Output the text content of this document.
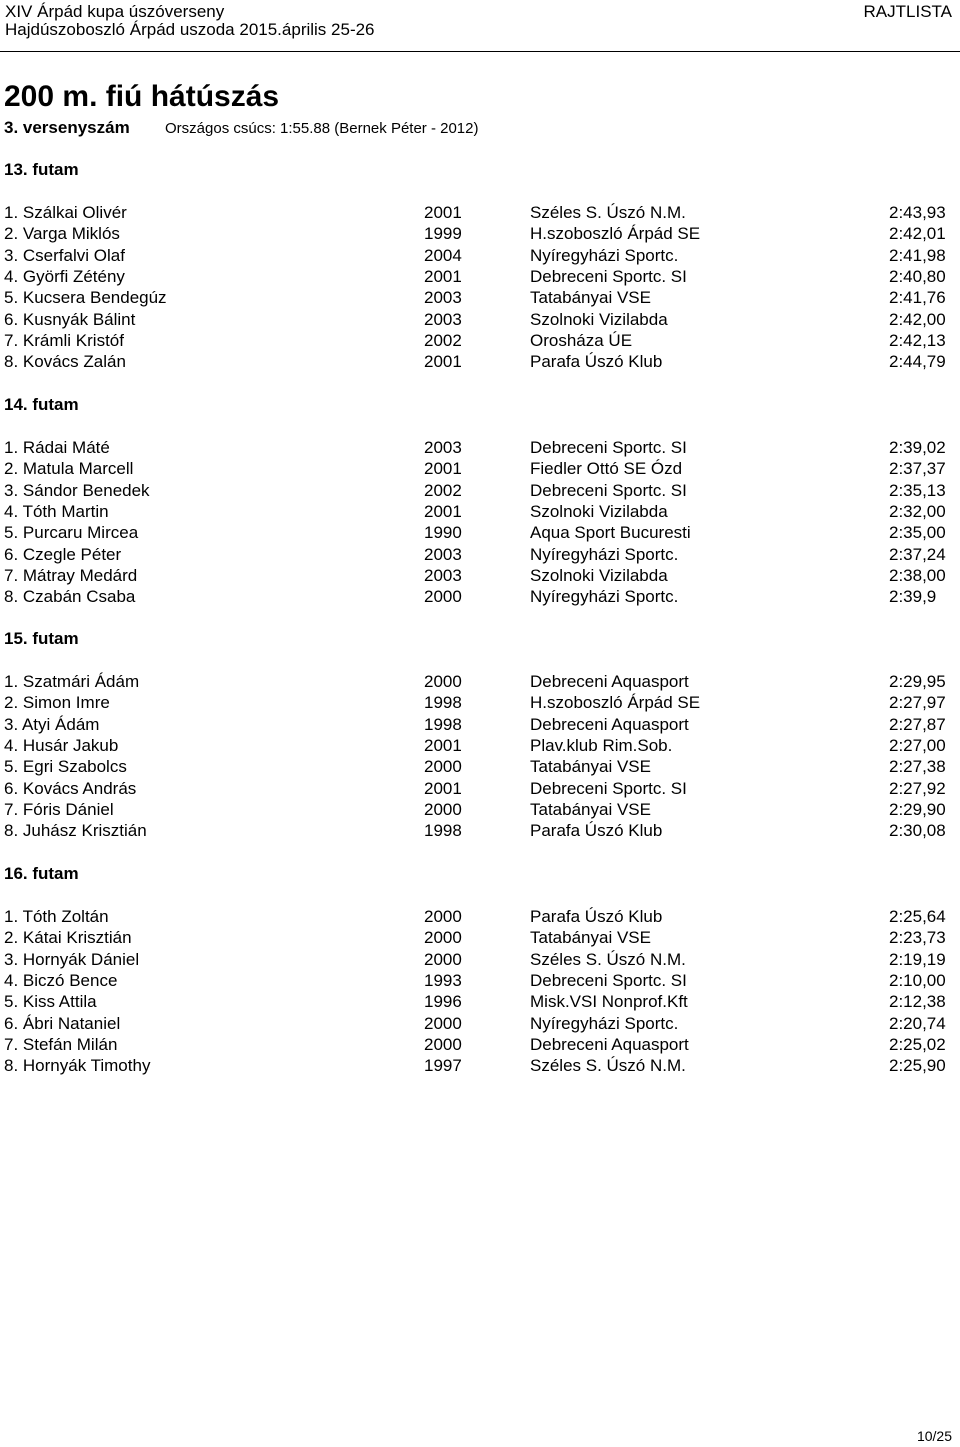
XIV Árpád kupa úszóverseny
Hajdúszoboszló Árpád uszoda 2015.április 25-26
RAJTLISTA
200 m. fiú hátúszás
3. versenyszám Országos csúcs: 1:55.88 (Bernek Péter - 2012)
13. futam
1. Szálkai Olivér	2001	Széles S. Úszó N.M.	2:43,93
2. Varga Miklós	1999	H.szoboszló Árpád SE	2:42,01
3. Cserfalvi Olaf	2004	Nyíregyházi Sportc.	2:41,98
4. Györfi Zétény	2001	Debreceni Sportc. SI	2:40,80
5. Kucsera Bendegúz	2003	Tatabányai VSE	2:41,76
6. Kusnyák Bálint	2003	Szolnoki Vizilabda	2:42,00
7. Krámli Kristóf	2002	Orosháza ÚE	2:42,13
8. Kovács Zalán	2001	Parafa Úszó Klub	2:44,79
14. futam
1. Rádai Máté	2003	Debreceni Sportc. SI	2:39,02
2. Matula Marcell	2001	Fiedler Ottó SE Ózd	2:37,37
3. Sándor Benedek	2002	Debreceni Sportc. SI	2:35,13
4. Tóth Martin	2001	Szolnoki Vizilabda	2:32,00
5. Purcaru Mircea	1990	Aqua Sport Bucuresti	2:35,00
6. Czegle Péter	2003	Nyíregyházi Sportc.	2:37,24
7. Mátray Medárd	2003	Szolnoki Vizilabda	2:38,00
8. Czabán Csaba	2000	Nyíregyházi Sportc.	2:39,9
15. futam
1. Szatmári Ádám	2000	Debreceni Aquasport	2:29,95
2. Simon Imre	1998	H.szoboszló Árpád SE	2:27,97
3. Atyi Ádám	1998	Debreceni Aquasport	2:27,87
4. Husár Jakub	2001	Plav.klub Rim.Sob.	2:27,00
5. Egri Szabolcs	2000	Tatabányai VSE	2:27,38
6. Kovács András	2001	Debreceni Sportc. SI	2:27,92
7. Fóris Dániel	2000	Tatabányai VSE	2:29,90
8. Juhász Krisztián	1998	Parafa Úszó Klub	2:30,08
16. futam
1. Tóth Zoltán	2000	Parafa Úszó Klub	2:25,64
2. Kátai Krisztián	2000	Tatabányai VSE	2:23,73
3. Hornyák Dániel	2000	Széles S. Úszó N.M.	2:19,19
4. Biczó Bence	1993	Debreceni Sportc. SI	2:10,00
5. Kiss Attila	1996	Misk.VSI Nonprof.Kft	2:12,38
6. Ábri Nataniel	2000	Nyíregyházi Sportc.	2:20,74
7. Stefán Milán	2000	Debreceni Aquasport	2:25,02
8. Hornyák Timothy	1997	Széles S. Úszó N.M.	2:25,90
10/25
